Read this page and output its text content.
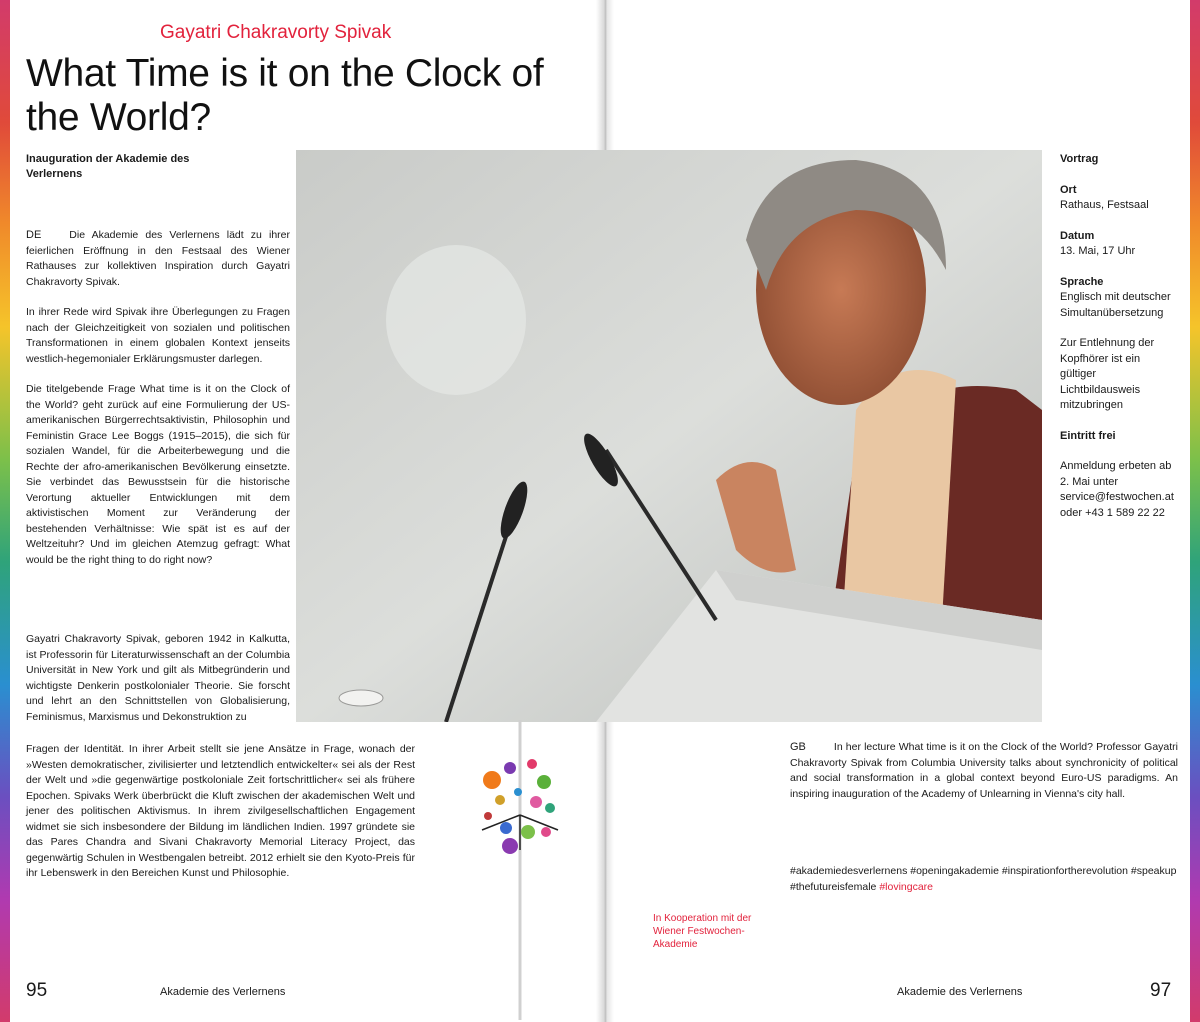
Gayatri Chakravorty Spivak
What Time is it on the Clock of the World?
Inauguration der Akademie des Verlernens

DE	Die Akademie des Verlernens lädt zu ihrer feierlichen Eröffnung in den Festsaal des Wiener Rathauses zur kollektiven Inspiration durch Gayatri Chakravorty Spivak.

In ihrer Rede wird Spivak ihre Überlegungen zu Fragen nach der Gleichzeitigkeit von sozialen und politischen Transformationen in einem globalen Kontext jenseits westlich-hegemonialer Erklärungsmuster darlegen.

Die titelgebende Frage What time is it on the Clock of the World? geht zurück auf eine Formulierung der US-amerikanischen Bürgerrechtsaktivistin, Philosophin und Feministin Grace Lee Boggs (1915–2015), die sich für sozialen Wandel, für die Arbeiterbewegung und die Rechte der afro-amerikanischen Bevölkerung einsetzte. Sie verbindet das Bewusstsein für die historische Verortung aktueller Entwicklungen mit dem aktivistischen Moment zur Veränderung der bestehenden Verhältnisse: Wie spät ist es auf der Weltzeituhr? Und im gleichen Atemzug gefragt: What would be the right thing to do right now?

Gayatri Chakravorty Spivak, geboren 1942 in Kalkutta, ist Professorin für Literaturwissenschaft an der Columbia Universität in New York und gilt als Mitbegründerin und wichtigste Denkerin postkolonialer Theorie. Sie forscht und lehrt an den Schnittstellen von Globalisierung, Feminismus, Marxismus und Dekonstruktion zu
Fragen der Identität. In ihrer Arbeit stellt sie jene Ansätze in Frage, wonach der »Westen demokratischer, zivilisierter und letztendlich entwickelter« sei als der Rest der Welt und »die gegenwärtige postkoloniale Zeit fortschrittlicher« sei als frühere Epochen. Spivaks Werk überbrückt die Kluft zwischen der akademischen Welt und jener des politischen Aktivismus. In ihrem zivilgesellschaftlichen Engagement widmet sie sich insbesondere der Bildung im ländlichen Indien. 1997 gründete sie das Pares Chandra and Sivani Chakravorty Memorial Literacy Project, das gegenwärtig Schulen in Westbengalen betreibt. 2012 erhielt sie den Kyoto-Preis für ihr Lebenswerk in den Bereichen Kunst und Philosophie.
Vortrag
Ort
Rathaus, Festsaal
Datum
13. Mai, 17 Uhr
Sprache
Englisch mit deutscher Simultanübersetzung
Zur Entlehnung der Kopfhörer ist ein gültiger Lichtbildausweis mitzubringen
Eintritt frei
Anmeldung erbeten ab 2. Mai unter service@festwochen.at oder +43 1 589 22 22
GB	In her lecture What time is it on the Clock of the World? Professor Gayatri Chakravorty Spivak from Columbia University talks about synchronicity of political and social transformation in a global context beyond Euro-US paradigms. An inspiring inauguration of the Academy of Unlearning in Vienna's city hall.
#akademiedesverlernens #openingakademie #inspirationfortherevolution #speakup #thefutureisfemale #lovingcare
In Kooperation mit der Wiener Festwochen-Akademie
95	Akademie des Verlernens	Akademie des Verlernens	97
